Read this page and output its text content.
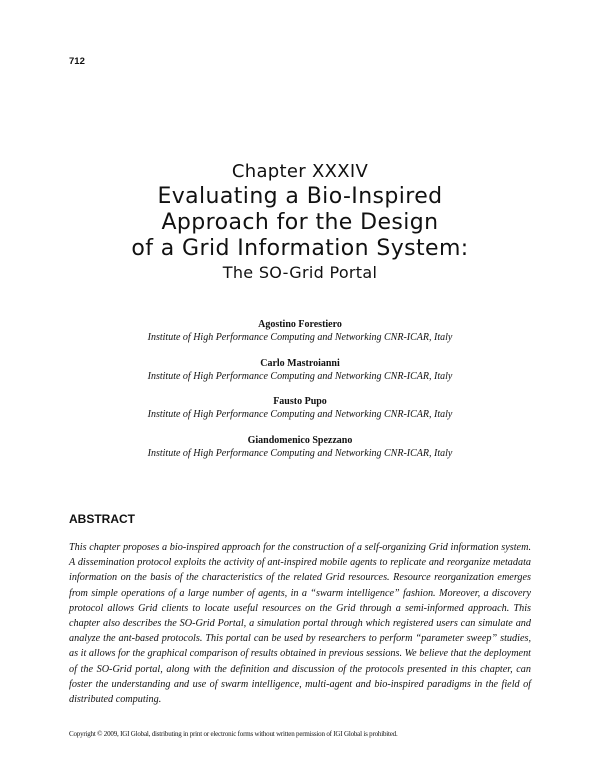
712
Chapter XXXIV
Evaluating a Bio-Inspired
Approach for the Design
of a Grid Information System:
The SO-Grid Portal
Agostino Forestiero
Institute of High Performance Computing and Networking CNR-ICAR, Italy
Carlo Mastroianni
Institute of High Performance Computing and Networking CNR-ICAR, Italy
Fausto Pupo
Institute of High Performance Computing and Networking CNR-ICAR, Italy
Giandomenico Spezzano
Institute of High Performance Computing and Networking CNR-ICAR, Italy
ABSTRACT

This chapter proposes a bio-inspired approach for the construction of a self-organizing Grid information system. A dissemination protocol exploits the activity of ant-inspired mobile agents to replicate and reorganize metadata information on the basis of the characteristics of the related Grid resources. Resource reorganization emerges from simple operations of a large number of agents, in a “swarm intelligence” fashion. Moreover, a discovery protocol allows Grid clients to locate useful resources on the Grid through a semi-informed approach. This chapter also describes the SO-Grid Portal, a simulation portal through which registered users can simulate and analyze the ant-based protocols. This portal can be used by researchers to perform “parameter sweep” studies, as it allows for the graphical comparison of results obtained in previous sessions. We believe that the deployment of the SO-Grid portal, along with the definition and discussion of the protocols presented in this chapter, can foster the understanding and use of swarm intelligence, multi-agent and bio-inspired paradigms in the field of distributed computing.

Copyright © 2009, IGI Global, distributing in print or electronic forms without written permission of IGI Global is prohibited.
